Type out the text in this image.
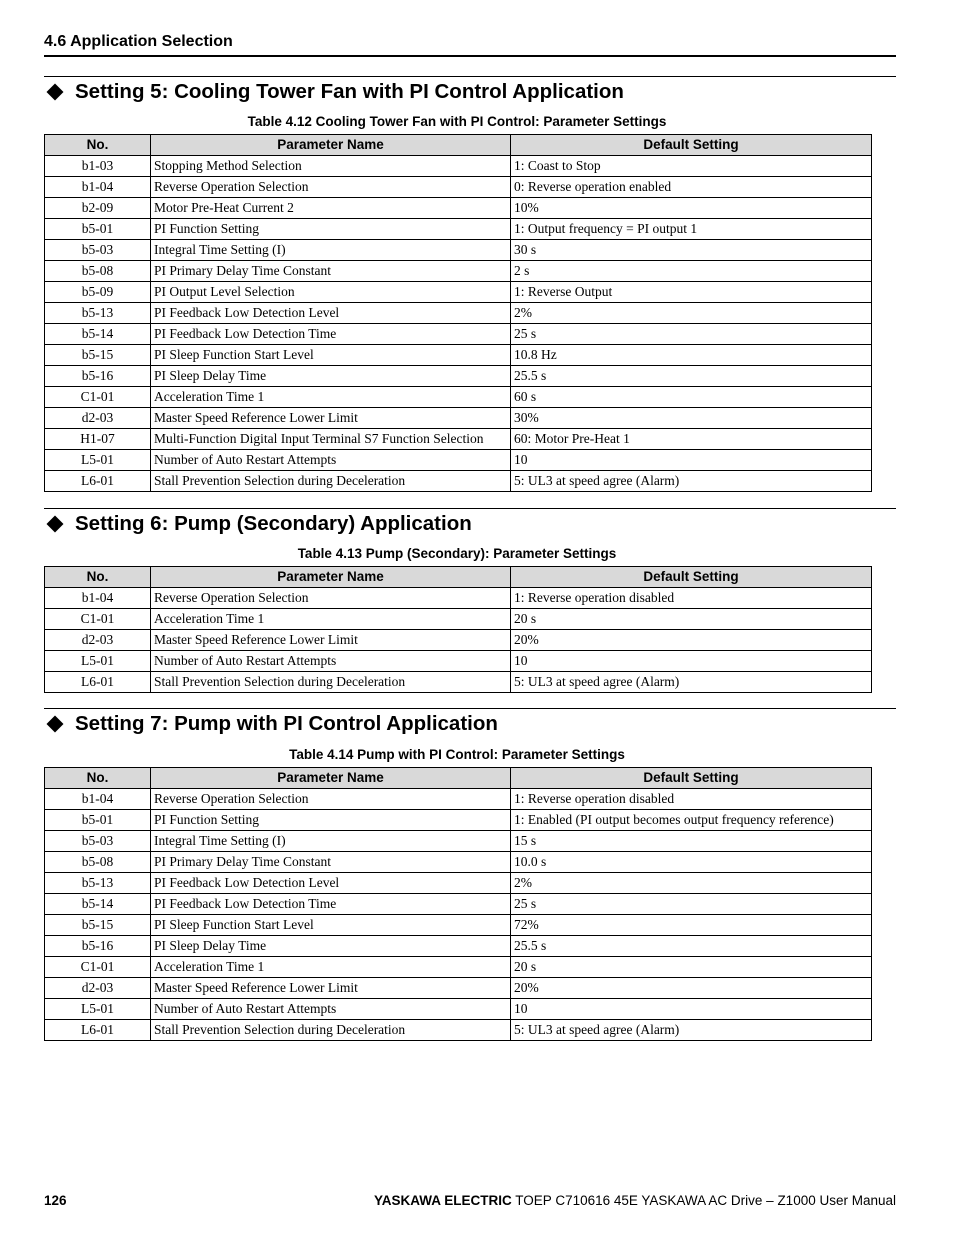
4.6 Application Selection
Setting 5: Cooling Tower Fan with PI Control Application
Table 4.12 Cooling Tower Fan with PI Control: Parameter Settings
No.	Parameter Name	Default Setting
b1-03	Stopping Method Selection	1: Coast to Stop
b1-04	Reverse Operation Selection	0: Reverse operation enabled
b2-09	Motor Pre-Heat Current 2	10%
b5-01	PI Function Setting	1: Output frequency = PI output 1
b5-03	Integral Time Setting (I)	30 s
b5-08	PI Primary Delay Time Constant	2 s
b5-09	PI Output Level Selection	1: Reverse Output
b5-13	PI Feedback Low Detection Level	2%
b5-14	PI Feedback Low Detection Time	25 s
b5-15	PI Sleep Function Start Level	10.8 Hz
b5-16	PI Sleep Delay Time	25.5 s
C1-01	Acceleration Time 1	60 s
d2-03	Master Speed Reference Lower Limit	30%
H1-07	Multi-Function Digital Input Terminal S7 Function Selection	60: Motor Pre-Heat 1
L5-01	Number of Auto Restart Attempts	10
L6-01	Stall Prevention Selection during Deceleration	5: UL3 at speed agree (Alarm)
Setting 6: Pump (Secondary) Application
Table 4.13 Pump (Secondary): Parameter Settings
No.	Parameter Name	Default Setting
b1-04	Reverse Operation Selection	1: Reverse operation disabled
C1-01	Acceleration Time 1	20 s
d2-03	Master Speed Reference Lower Limit	20%
L5-01	Number of Auto Restart Attempts	10
L6-01	Stall Prevention Selection during Deceleration	5: UL3 at speed agree (Alarm)
Setting 7: Pump with PI Control Application
Table 4.14 Pump with PI Control: Parameter Settings
No.	Parameter Name	Default Setting
b1-04	Reverse Operation Selection	1: Reverse operation disabled
b5-01	PI Function Setting	1: Enabled (PI output becomes output frequency reference)
b5-03	Integral Time Setting (I)	15 s
b5-08	PI Primary Delay Time Constant	10.0 s
b5-13	PI Feedback Low Detection Level	2%
b5-14	PI Feedback Low Detection Time	25 s
b5-15	PI Sleep Function Start Level	72%
b5-16	PI Sleep Delay Time	25.5 s
C1-01	Acceleration Time 1	20 s
d2-03	Master Speed Reference Lower Limit	20%
L5-01	Number of Auto Restart Attempts	10
L6-01	Stall Prevention Selection during Deceleration	5: UL3 at speed agree (Alarm)
126	YASKAWA ELECTRIC TOEP C710616 45E YASKAWA AC Drive – Z1000 User Manual
